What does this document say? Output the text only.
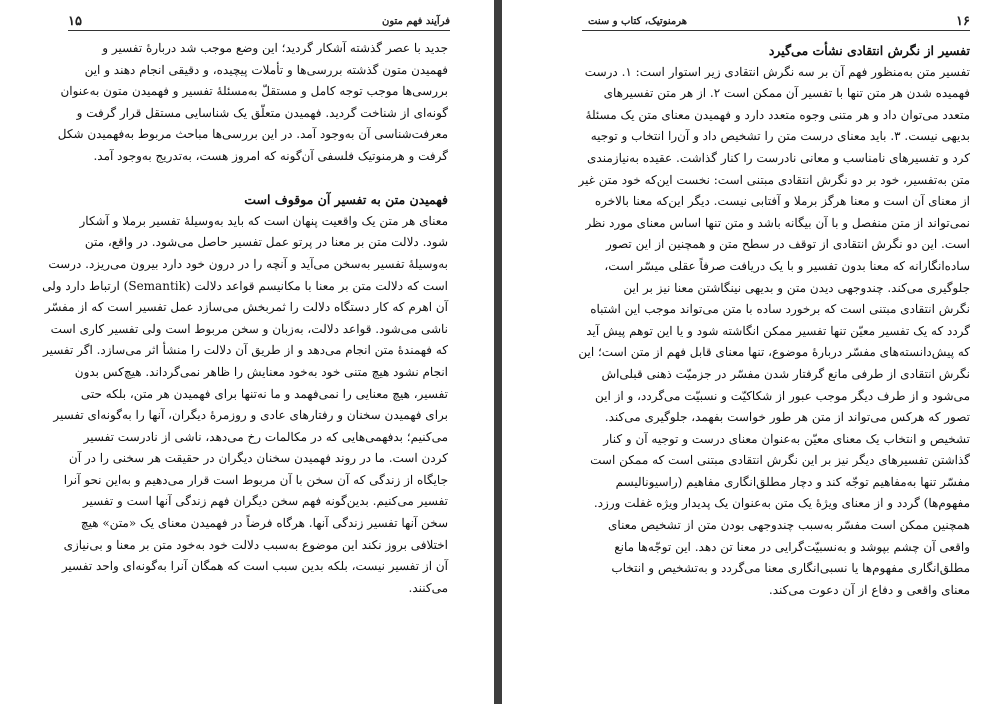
۱۵	فرآیند فهم متون
جدید با عصر گذشته آشکار گردید؛ این وضع موجب شد دربارهٔ تفسیر و
فهمیدن متون گذشته بررسی‌ها و تأملات پیچیده، و دقیقی انجام دهند و این
بررسی‌ها موجب توجه کامل و مستقلّ به‌مسئلهٔ تفسیر و فهمیدن متون به‌عنوان
گونه‌ای از شناخت گردید. فهمیدن متعلّق یک شناسایی مستقل قرار گرفت و
معرفت‌شناسی آن به‌وجود آمد. در این بررسی‌ها مباحث مربوط به‌فهمیدن شکل
گرفت و هرمنوتیک فلسفی آن‌گونه که امروز هست، به‌تدریج به‌وجود آمد.
فهمیدن متن به تفسیر آن موقوف است
معنای هر متن یک واقعیت پنهان است که باید به‌وسیلهٔ تفسیر برملا و آشکار
شود. دلالت متن بر معنا در پرتو عمل تفسیر حاصل می‌شود. در واقع، متن
به‌وسیلهٔ تفسیر به‌سخن می‌آید و آنچه را در درون خود دارد بیرون می‌ریزد. درست
است که دلالت متن بر معنا با مکانیسم قواعد دلالت (Semantik) ارتباط دارد ولی
آن اهرم که کار دستگاه دلالت را ثمربخش می‌سازد عمل تفسیر است که از مفسّر
ناشی می‌شود. قواعد دلالت، به‌زبان و سخن مربوط است ولی تفسیر کاری است
که فهمنده‌ٔ متن انجام می‌دهد و از طریق آن دلالت را منشأ اثر می‌سازد. اگر تفسیر
انجام نشود هیچ متنی خود به‌خود معنایش را ظاهر نمی‌گرداند. هیچ‌کس بدون
تفسیر، هیچ معنایی را نمی‌فهمد و ما نه‌تنها برای فهمیدن هر متن، بلکه حتی
برای فهمیدن سخنان و رفتارهای عادی و روزمرهٔ دیگران، آنها را به‌گونه‌ای تفسیر
می‌کنیم؛ بدفهمی‌هایی که در مکالمات رخ می‌دهد، ناشی از نادرست تفسیر
کردن است. ما در روند فهمیدن سخنان دیگران در حقیقت هر سخنی را در آن
جایگاه از زندگی که آن سخن با آن مربوط است قرار می‌دهیم و به‌این نحو آنرا
تفسیر می‌کنیم. بدین‌گونه فهم سخن دیگران فهم زندگی آنها است و تفسیر
سخن آنها تفسیر زندگی آنها. هرگاه فرضاً در فهمیدن معنای یک «متن» هیچ
اختلافی بروز نکند این موضوع به‌سبب دلالت خود به‌خود متن بر معنا و بی‌نیازی
آن از تفسیر نیست، بلکه بدین سبب است که همگان آنرا به‌گونه‌ای واحد تفسیر
می‌کنند.
۱۶
هرمنوتیک، کتاب و سنت
تفسیر از نگرش انتقادی نشأت می‌گیرد
تفسیر متن به‌منظور فهم آن بر سه نگرش انتقادی زیر استوار است: ۱. درست
فهمیده‌ شدن هر متن تنها با تفسیر آن ممکن است ۲. از هر متن تفسیرهای
متعدد می‌توان داد و هر متنی وجوه متعدد دارد و فهمیدن معنای متن یک مسئلهٔ
بدیهی نیست. ۳. باید معنای درست متن را تشخیص داد و آن‌را انتخاب و توجیه
کرد و تفسیرهای نامناسب و معانی نادرست را کنار گذاشت. عقیده به‌نیازمندی
متن به‌تفسیر، خود بر دو نگرش انتقادی مبتنی است: نخست این‌که خود متن غیر
از معنای آن است و معنا هرگز برملا و آفتابی نیست. دیگر این‌که معنا بالاخره
نمی‌تواند از متن منفصل و با آن بیگانه باشد و متن تنها اساس معنای مورد نظر
است. این دو نگرش انتقادی از توقف در سطح متن و همچنین از این تصور
ساده‌انگارانه که معنا بدون تفسیر و با یک دریافت صرفاً عقلی میسّر است،
جلوگیری می‌کند. چندوجهی دیدن متن و بدیهی نینگاشتن معنا نیز بر این
نگرش انتقادی مبتنی است که برخورد ساده با متن می‌تواند موجب این اشتباه
گردد که یک تفسیر معیّن تنها تفسیر ممکن انگاشته شود و یا این توهم پیش آید
که پیش‌دانسته‌های مفسّر دربارهٔ موضوع، تنها معنای قابل فهم از متن است؛ این
نگرش انتقادی از طرفی مانع گرفتار شدن مفسّر در جزمیّت ذهنی قبلی‌اش
می‌شود و از طرف دیگر موجب عبور از شکاکیّت و نسبیّت می‌گردد، و از این
تصور که هرکس می‌تواند از متن هر طور خواست بفهمد، جلوگیری می‌کند.
تشخیص و انتخاب یک معنای معیّن به‌عنوان معنای درست و توجیه آن و کنار
گذاشتن تفسیرهای دیگر نیز بر این نگرش انتقادی مبتنی است که ممکن است
مفسّر تنها به‌مفاهیم توجّه کند و دچار مطلق‌انگاری مفاهیم (راسیونالیسم
مفهوم‌ها) گردد و از معنای ویژهٔ یک متن به‌عنوان یک پدیدار ویژه غفلت ورزد.
همچنین ممکن است مفسّر به‌سبب چندوجهی بودن متن از تشخیص معنای
واقعی آن چشم بپوشد و به‌نسبیّت‌گرایی در معنا تن دهد. این توجّه‌ها مانع
مطلق‌انگاری مفهوم‌ها یا نسبی‌انگاری معنا می‌گردد و به‌تشخیص و انتخاب
معنای واقعی و دفاع از آن دعوت می‌کند.
